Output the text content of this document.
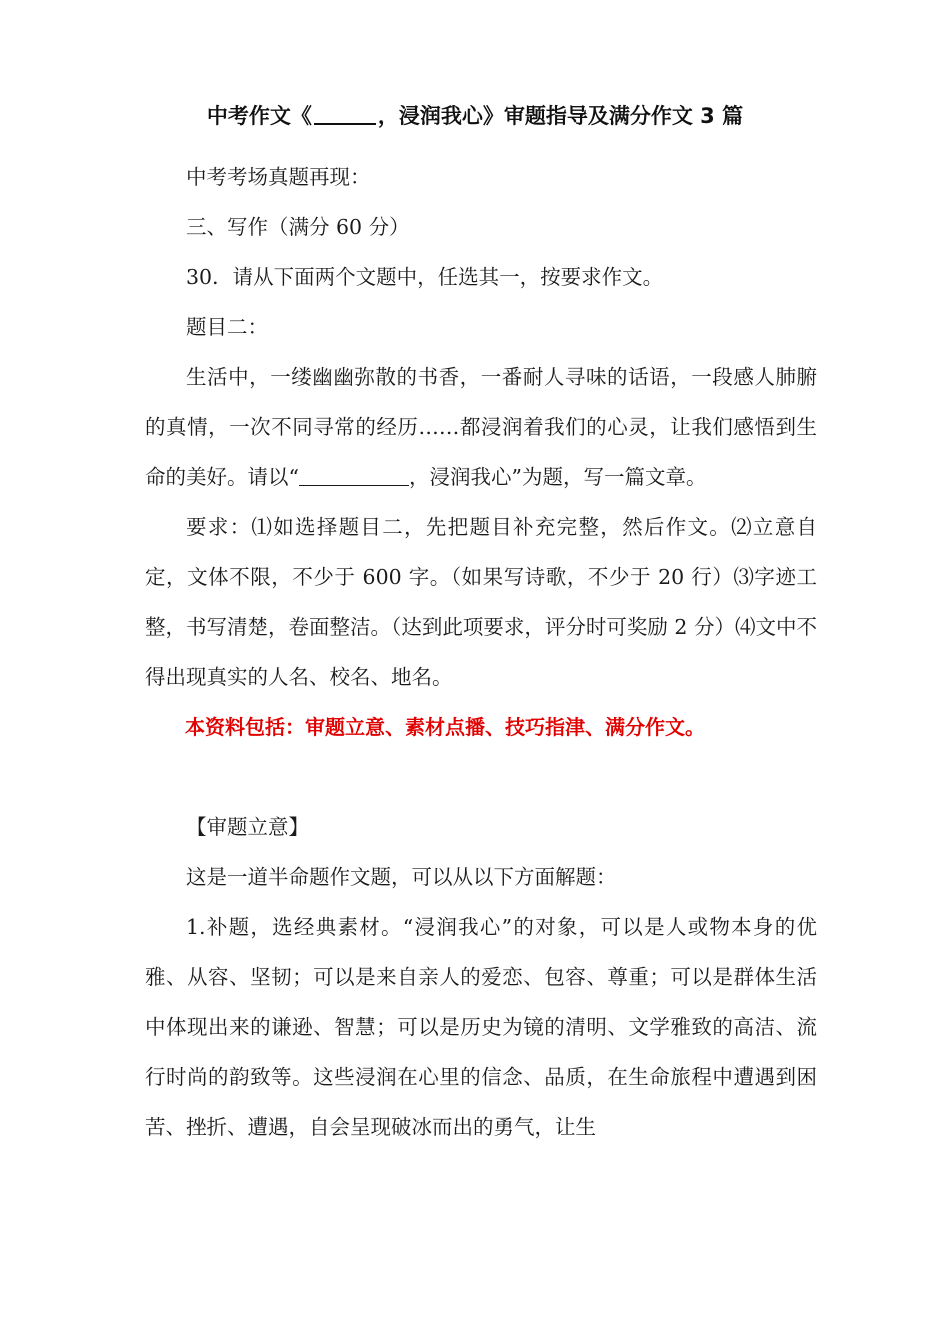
中考作文《	，浸润我心》审题指导及满分作文 3 篇

中考考场真题再现：

三、写作（满分 60 分）

30．请从下面两个文题中，任选其一，按要求作文。

题目二：

生活中，一缕幽幽弥散的书香，一番耐人寻味的话语，一段感人肺腑的真情，一次不同寻常的经历……都浸润着我们的心灵，让我们感悟到生命的美好。请以“	，浸润我心”为题，写一篇文章。

要求：⑴如选择题目二，先把题目补充完整，然后作文。⑵立意自定，文体不限，不少于 600 字。（如果写诗歌，不少于 20 行）⑶字迹工整，书写清楚，卷面整洁。（达到此项要求，评分时可奖励 2 分）⑷文中不得出现真实的人名、校名、地名。

本资料包括：审题立意、素材点播、技巧指津、满分作文。

【审题立意】

这是一道半命题作文题，可以从以下方面解题：

1.补题，选经典素材。“浸润我心”的对象，可以是人或物本身的优雅、从容、坚韧；可以是来自亲人的爱恋、包容、尊重；可以是群体生活中体现出来的谦逊、智慧；可以是历史为镜的清明、文学雅致的高洁、流行时尚的韵致等。这些浸润在心里的信念、品质，在生命旅程中遭遇到困苦、挫折、遭遇，自会呈现破冰而出的勇气，让生
